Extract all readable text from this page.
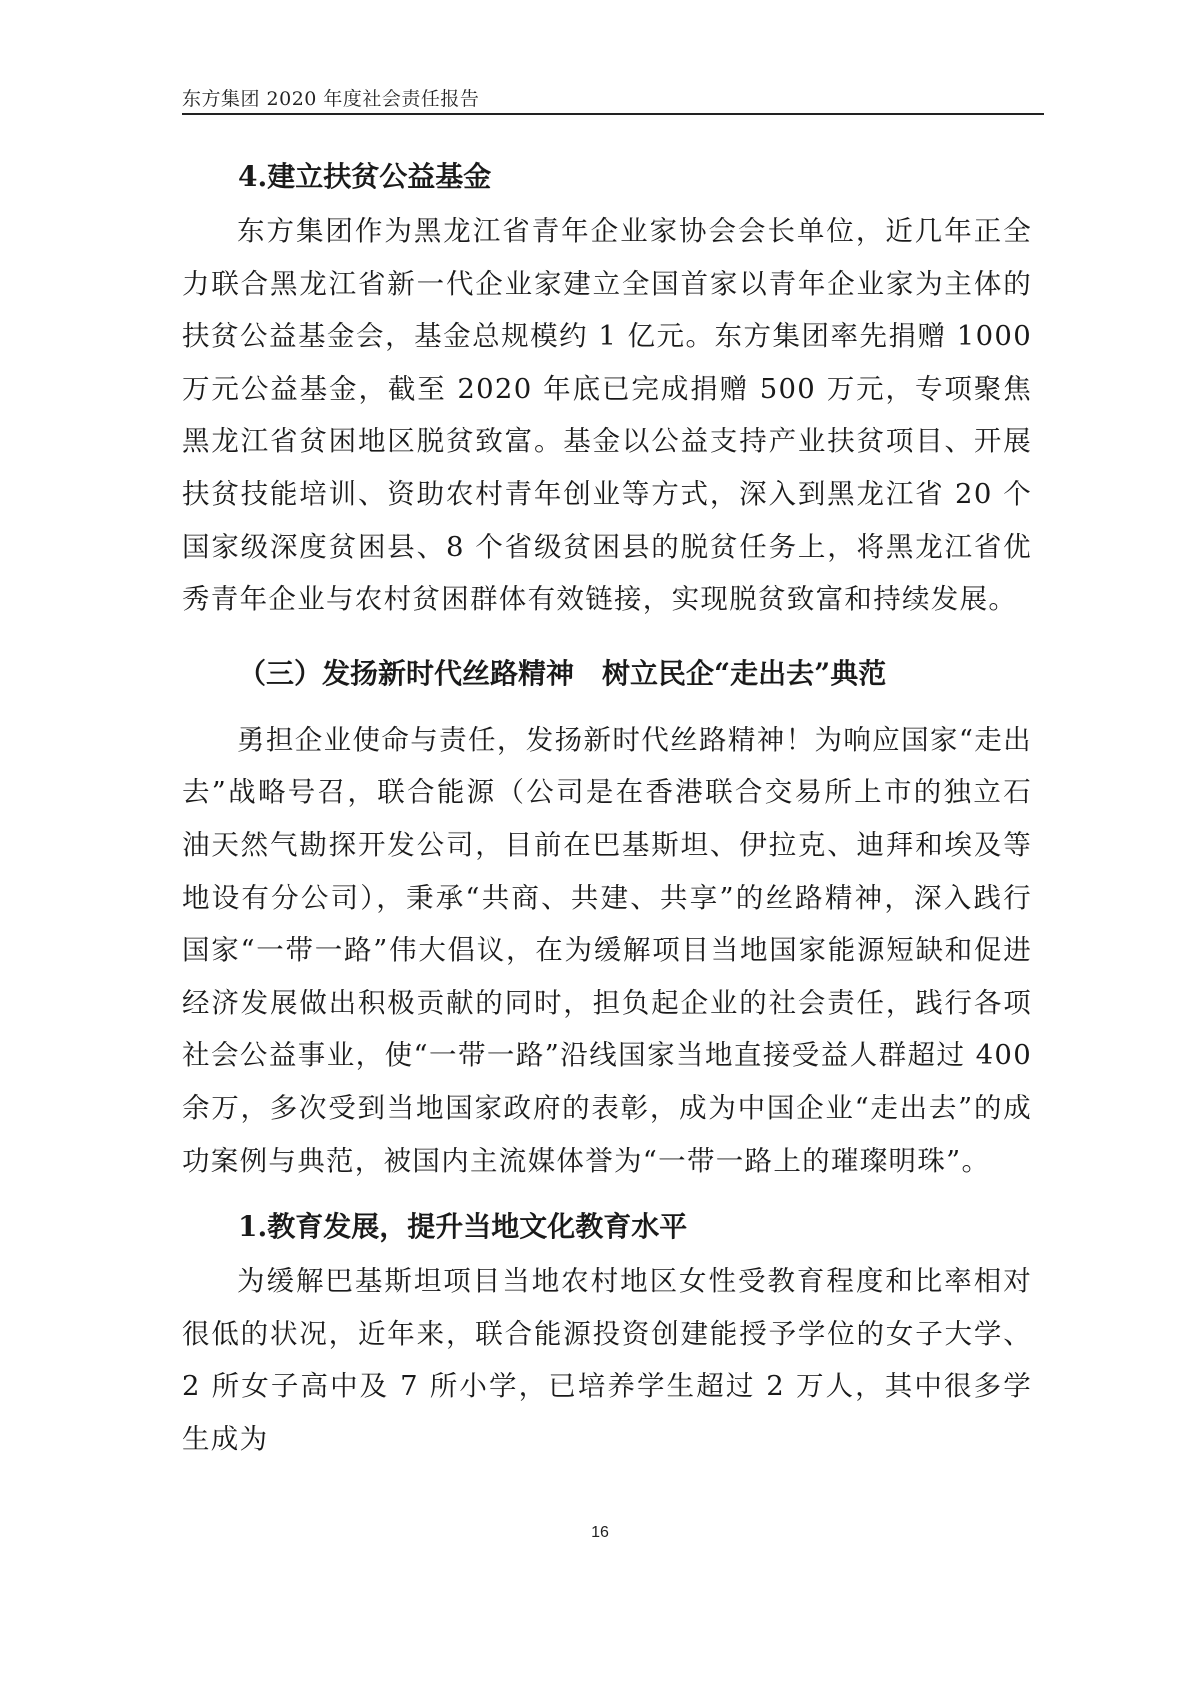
东方集团 2020 年度社会责任报告
4.建立扶贫公益基金

东方集团作为黑龙江省青年企业家协会会长单位，近几年正全力联合黑龙江省新一代企业家建立全国首家以青年企业家为主体的扶贫公益基金会，基金总规模约 1 亿元。东方集团率先捐赠 1000 万元公益基金，截至 2020 年底已完成捐赠 500 万元，专项聚焦黑龙江省贫困地区脱贫致富。基金以公益支持产业扶贫项目、开展扶贫技能培训、资助农村青年创业等方式，深入到黑龙江省 20 个国家级深度贫困县、8 个省级贫困县的脱贫任务上，将黑龙江省优秀青年企业与农村贫困群体有效链接，实现脱贫致富和持续发展。

（三）发扬新时代丝路精神　树立民企“走出去”典范

勇担企业使命与责任，发扬新时代丝路精神！为响应国家“走出去”战略号召，联合能源（公司是在香港联合交易所上市的独立石油天然气勘探开发公司，目前在巴基斯坦、伊拉克、迪拜和埃及等地设有分公司），秉承“共商、共建、共享”的丝路精神，深入践行国家“一带一路”伟大倡议，在为缓解项目当地国家能源短缺和促进经济发展做出积极贡献的同时，担负起企业的社会责任，践行各项社会公益事业，使“一带一路”沿线国家当地直接受益人群超过 400 余万，多次受到当地国家政府的表彰，成为中国企业“走出去”的成功案例与典范，被国内主流媒体誉为“一带一路上的璀璨明珠”。

1.教育发展，提升当地文化教育水平

为缓解巴基斯坦项目当地农村地区女性受教育程度和比率相对很低的状况，近年来，联合能源投资创建能授予学位的女子大学、2 所女子高中及 7 所小学，已培养学生超过 2 万人，其中很多学生成为

16
